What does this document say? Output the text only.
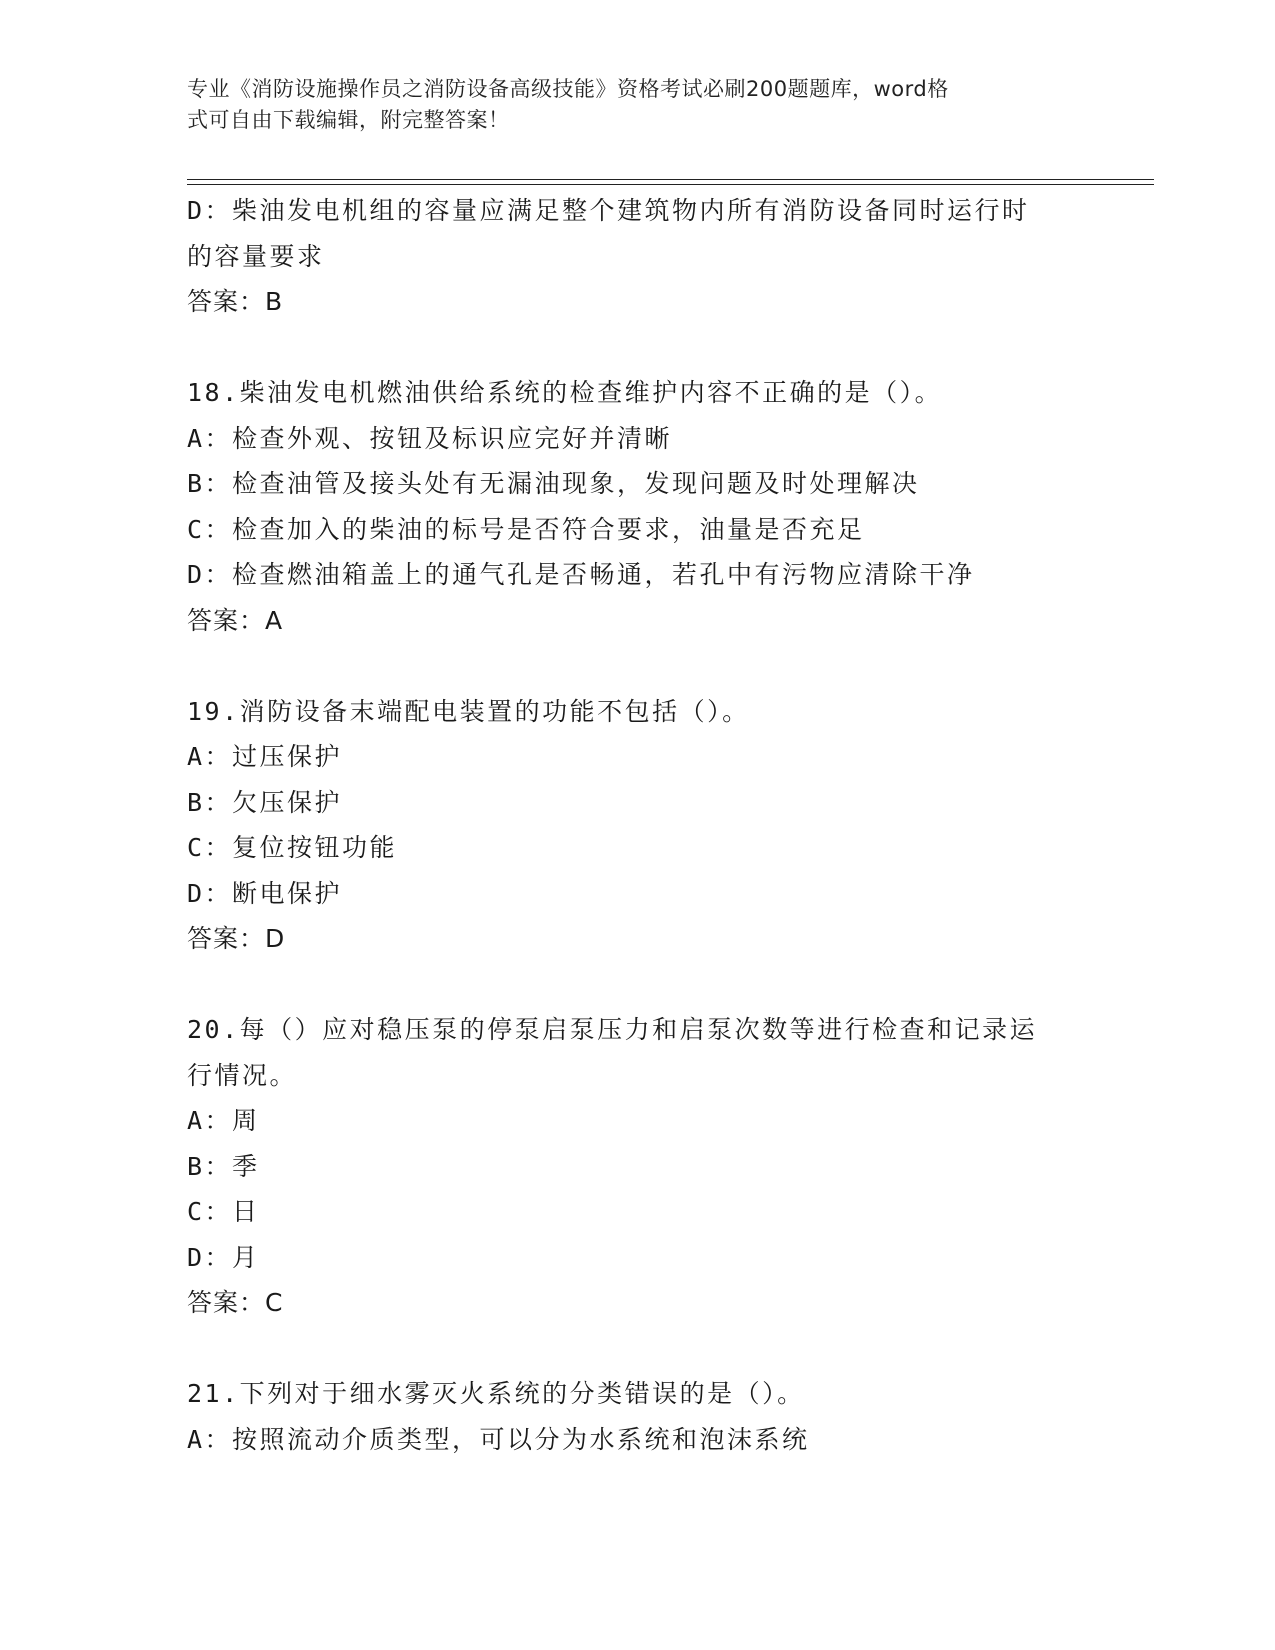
专业《消防设施操作员之消防设备高级技能》资格考试必刷200题题库，word格
式可自由下载编辑，附完整答案！
D：柴油发电机组的容量应满足整个建筑物内所有消防设备同时运行时
的容量要求
答案：B
18.柴油发电机燃油供给系统的检查维护内容不正确的是（）。
A：检查外观、按钮及标识应完好并清晰
B：检查油管及接头处有无漏油现象，发现问题及时处理解决
C：检查加入的柴油的标号是否符合要求，油量是否充足
D：检查燃油箱盖上的通气孔是否畅通，若孔中有污物应清除干净
答案：A
19.消防设备末端配电装置的功能不包括（）。
A：过压保护
B：欠压保护
C：复位按钮功能
D：断电保护
答案：D
20.每（）应对稳压泵的停泵启泵压力和启泵次数等进行检查和记录运
行情况。
A：周
B：季
C：日
D：月
答案：C
21.下列对于细水雾灭火系统的分类错误的是（）。
A：按照流动介质类型，可以分为水系统和泡沫系统
